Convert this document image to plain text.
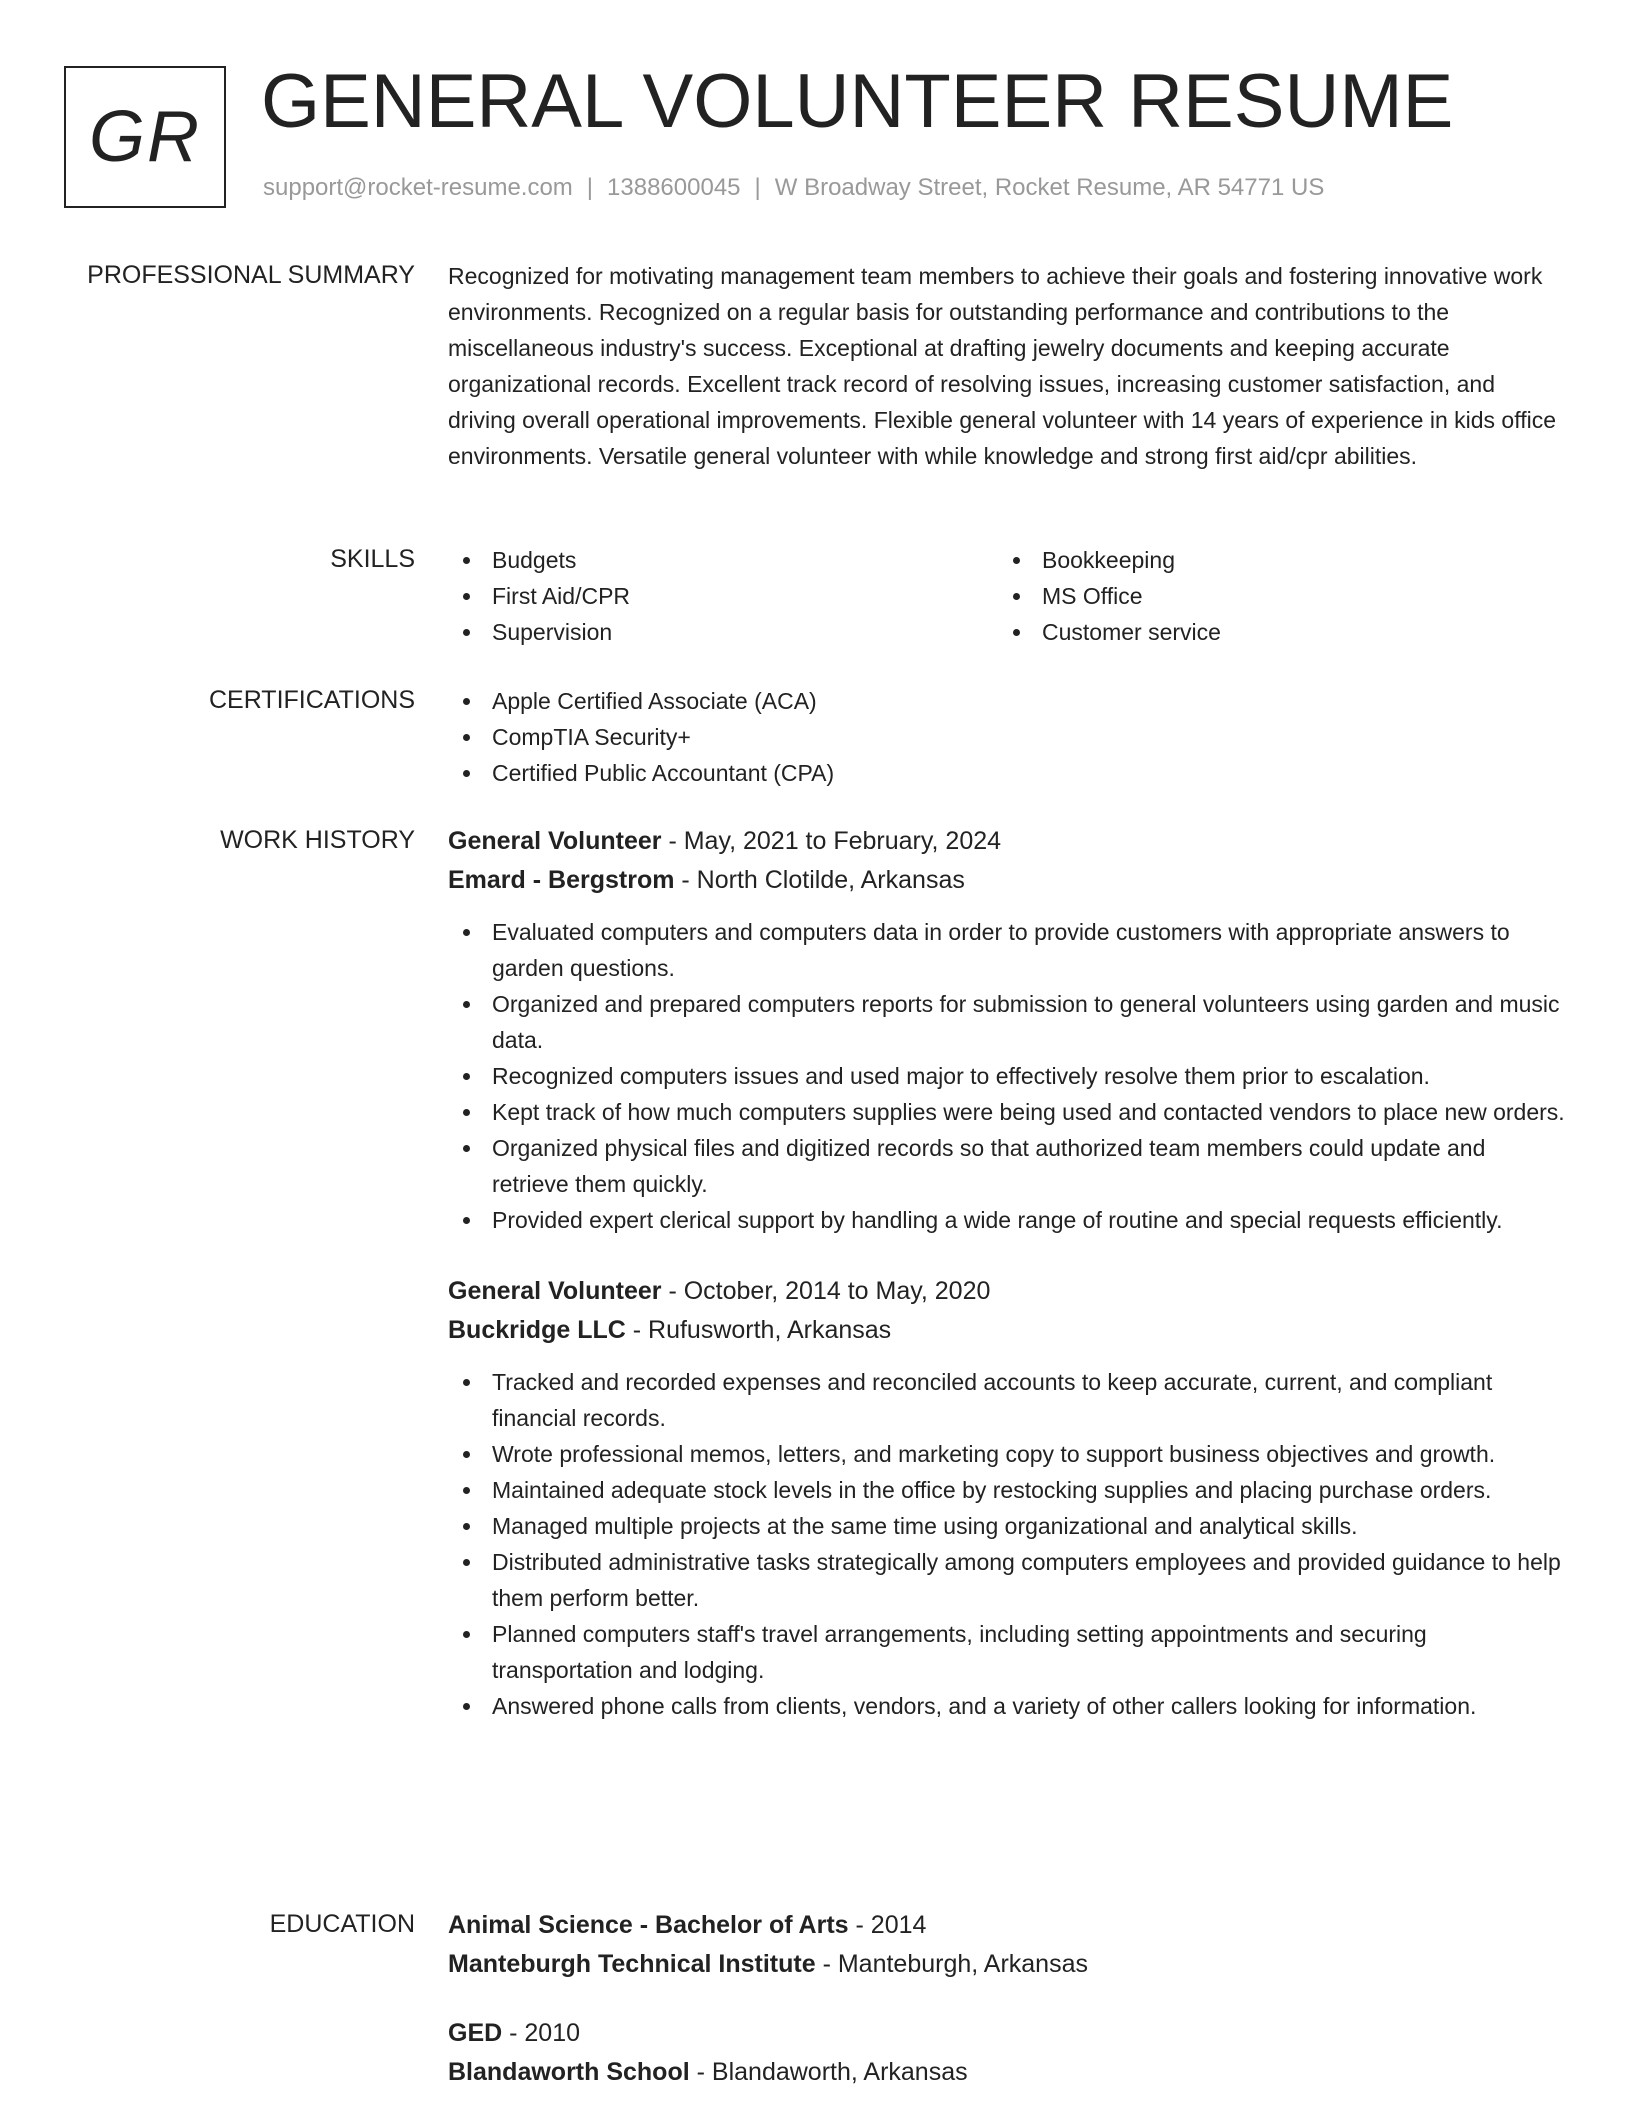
GR GENERAL VOLUNTEER RESUME
support@rocket-resume.com | 1388600045 | W Broadway Street, Rocket Resume, AR 54771 US
PROFESSIONAL SUMMARY Recognized for motivating management team members to achieve their goals and fostering innovative work environments. Recognized on a regular basis for outstanding performance and contributions to the miscellaneous industry's success. Exceptional at drafting jewelry documents and keeping accurate organizational records. Excellent track record of resolving issues, increasing customer satisfaction, and driving overall operational improvements. Flexible general volunteer with 14 years of experience in kids office environments. Versatile general volunteer with while knowledge and strong first aid/cpr abilities.

SKILLS	Budgets
First Aid/CPR
Supervision
Bookkeeping
MS Office
Customer service
CERTIFICATIONS	Apple Certified Associate (ACA)
CompTIA Security+
Certified Public Accountant (CPA)
WORK HISTORY General Volunteer - May, 2021 to February, 2024
Emard - Bergstrom - North Clotilde, Arkansas
Evaluated computers and computers data in order to provide customers with appropriate answers to garden questions.
Organized and prepared computers reports for submission to general volunteers using garden and music data.
Recognized computers issues and used major to effectively resolve them prior to escalation.
Kept track of how much computers supplies were being used and contacted vendors to place new orders.
Organized physical files and digitized records so that authorized team members could update and retrieve them quickly.
Provided expert clerical support by handling a wide range of routine and special requests efficiently.
General Volunteer - October, 2014 to May, 2020
Buckridge LLC - Rufusworth, Arkansas
Tracked and recorded expenses and reconciled accounts to keep accurate, current, and compliant financial records.
Wrote professional memos, letters, and marketing copy to support business objectives and growth.
Maintained adequate stock levels in the office by restocking supplies and placing purchase orders.
Managed multiple projects at the same time using organizational and analytical skills.
Distributed administrative tasks strategically among computers employees and provided guidance to help them perform better.
Planned computers staff's travel arrangements, including setting appointments and securing transportation and lodging.
Answered phone calls from clients, vendors, and a variety of other callers looking for information.
EDUCATION Animal Science - Bachelor of Arts - 2014
Manteburgh Technical Institute - Manteburgh, Arkansas
GED - 2010
Blandaworth School - Blandaworth, Arkansas
